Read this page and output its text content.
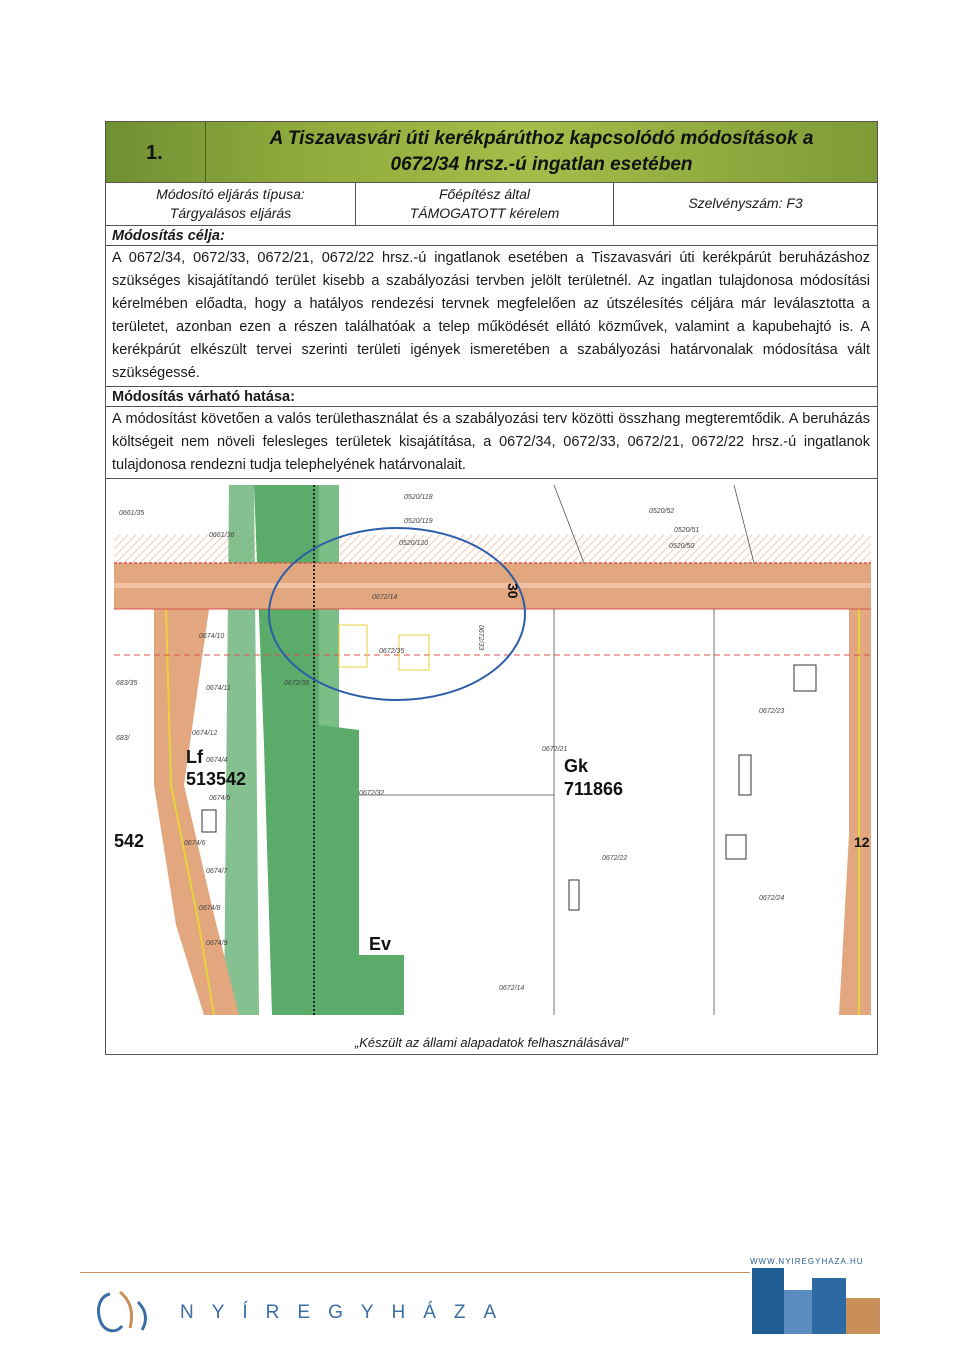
1.
A Tiszavasvári úti kerékpárúthoz kapcsolódó módosítások a
0672/34 hrsz.-ú ingatlan esetében
Módosító eljárás típusa:
Tárgyalásos eljárás
Főépítész által
TÁMOGATOTT kérelem
Szelvényszám: F3
Módosítás célja:
A 0672/34, 0672/33, 0672/21, 0672/22 hrsz.-ú ingatlanok esetében a Tiszavasvári úti kerékpárút beruházáshoz szükséges kisajátítandó terület kisebb a szabályozási tervben jelölt területnél. Az ingatlan tulajdonosa módosítási kérelmében előadta, hogy a hatályos rendezési tervnek megfelelően az útszélesítés céljára már leválasztotta a területet, azonban ezen a részen találhatóak a telep működését ellátó közművek, valamint a kapubehajtó is. A kerékpárút elkészült tervei szerinti területi igények ismeretében a szabályozási határvonalak módosítása vált szükségessé.
Módosítás várható hatása:
A módosítást követően a valós területhasználat és a szabályozási terv közötti összhang megteremtődik. A beruházás költségeit nem növeli felesleges területek kisajátítása, a 0672/34, 0672/33, 0672/21, 0672/22 hrsz.-ú ingatlanok tulajdonosa rendezni tudja telephelyének határvonalait.
0661/35
0661/36
0520/118
0520/119
0520/120
0520/52
0520/51
0520/50
0672/14
0672/35
0672/23
0672/21
0672/32
0672/22
0672/24
0672/14
0674/10
0674/11
0674/12
0674/4
0674/5
0674/6
0674/7
0674/8
0674/9
0672/36
0672/33
683/35
683/
Lf
513542
Gk
711866
Ev
542	12
30
„Készült az állami alapadatok felhasználásával”
WWW.NYIREGYHAZA.HU
NYÍREGYHÁZA
